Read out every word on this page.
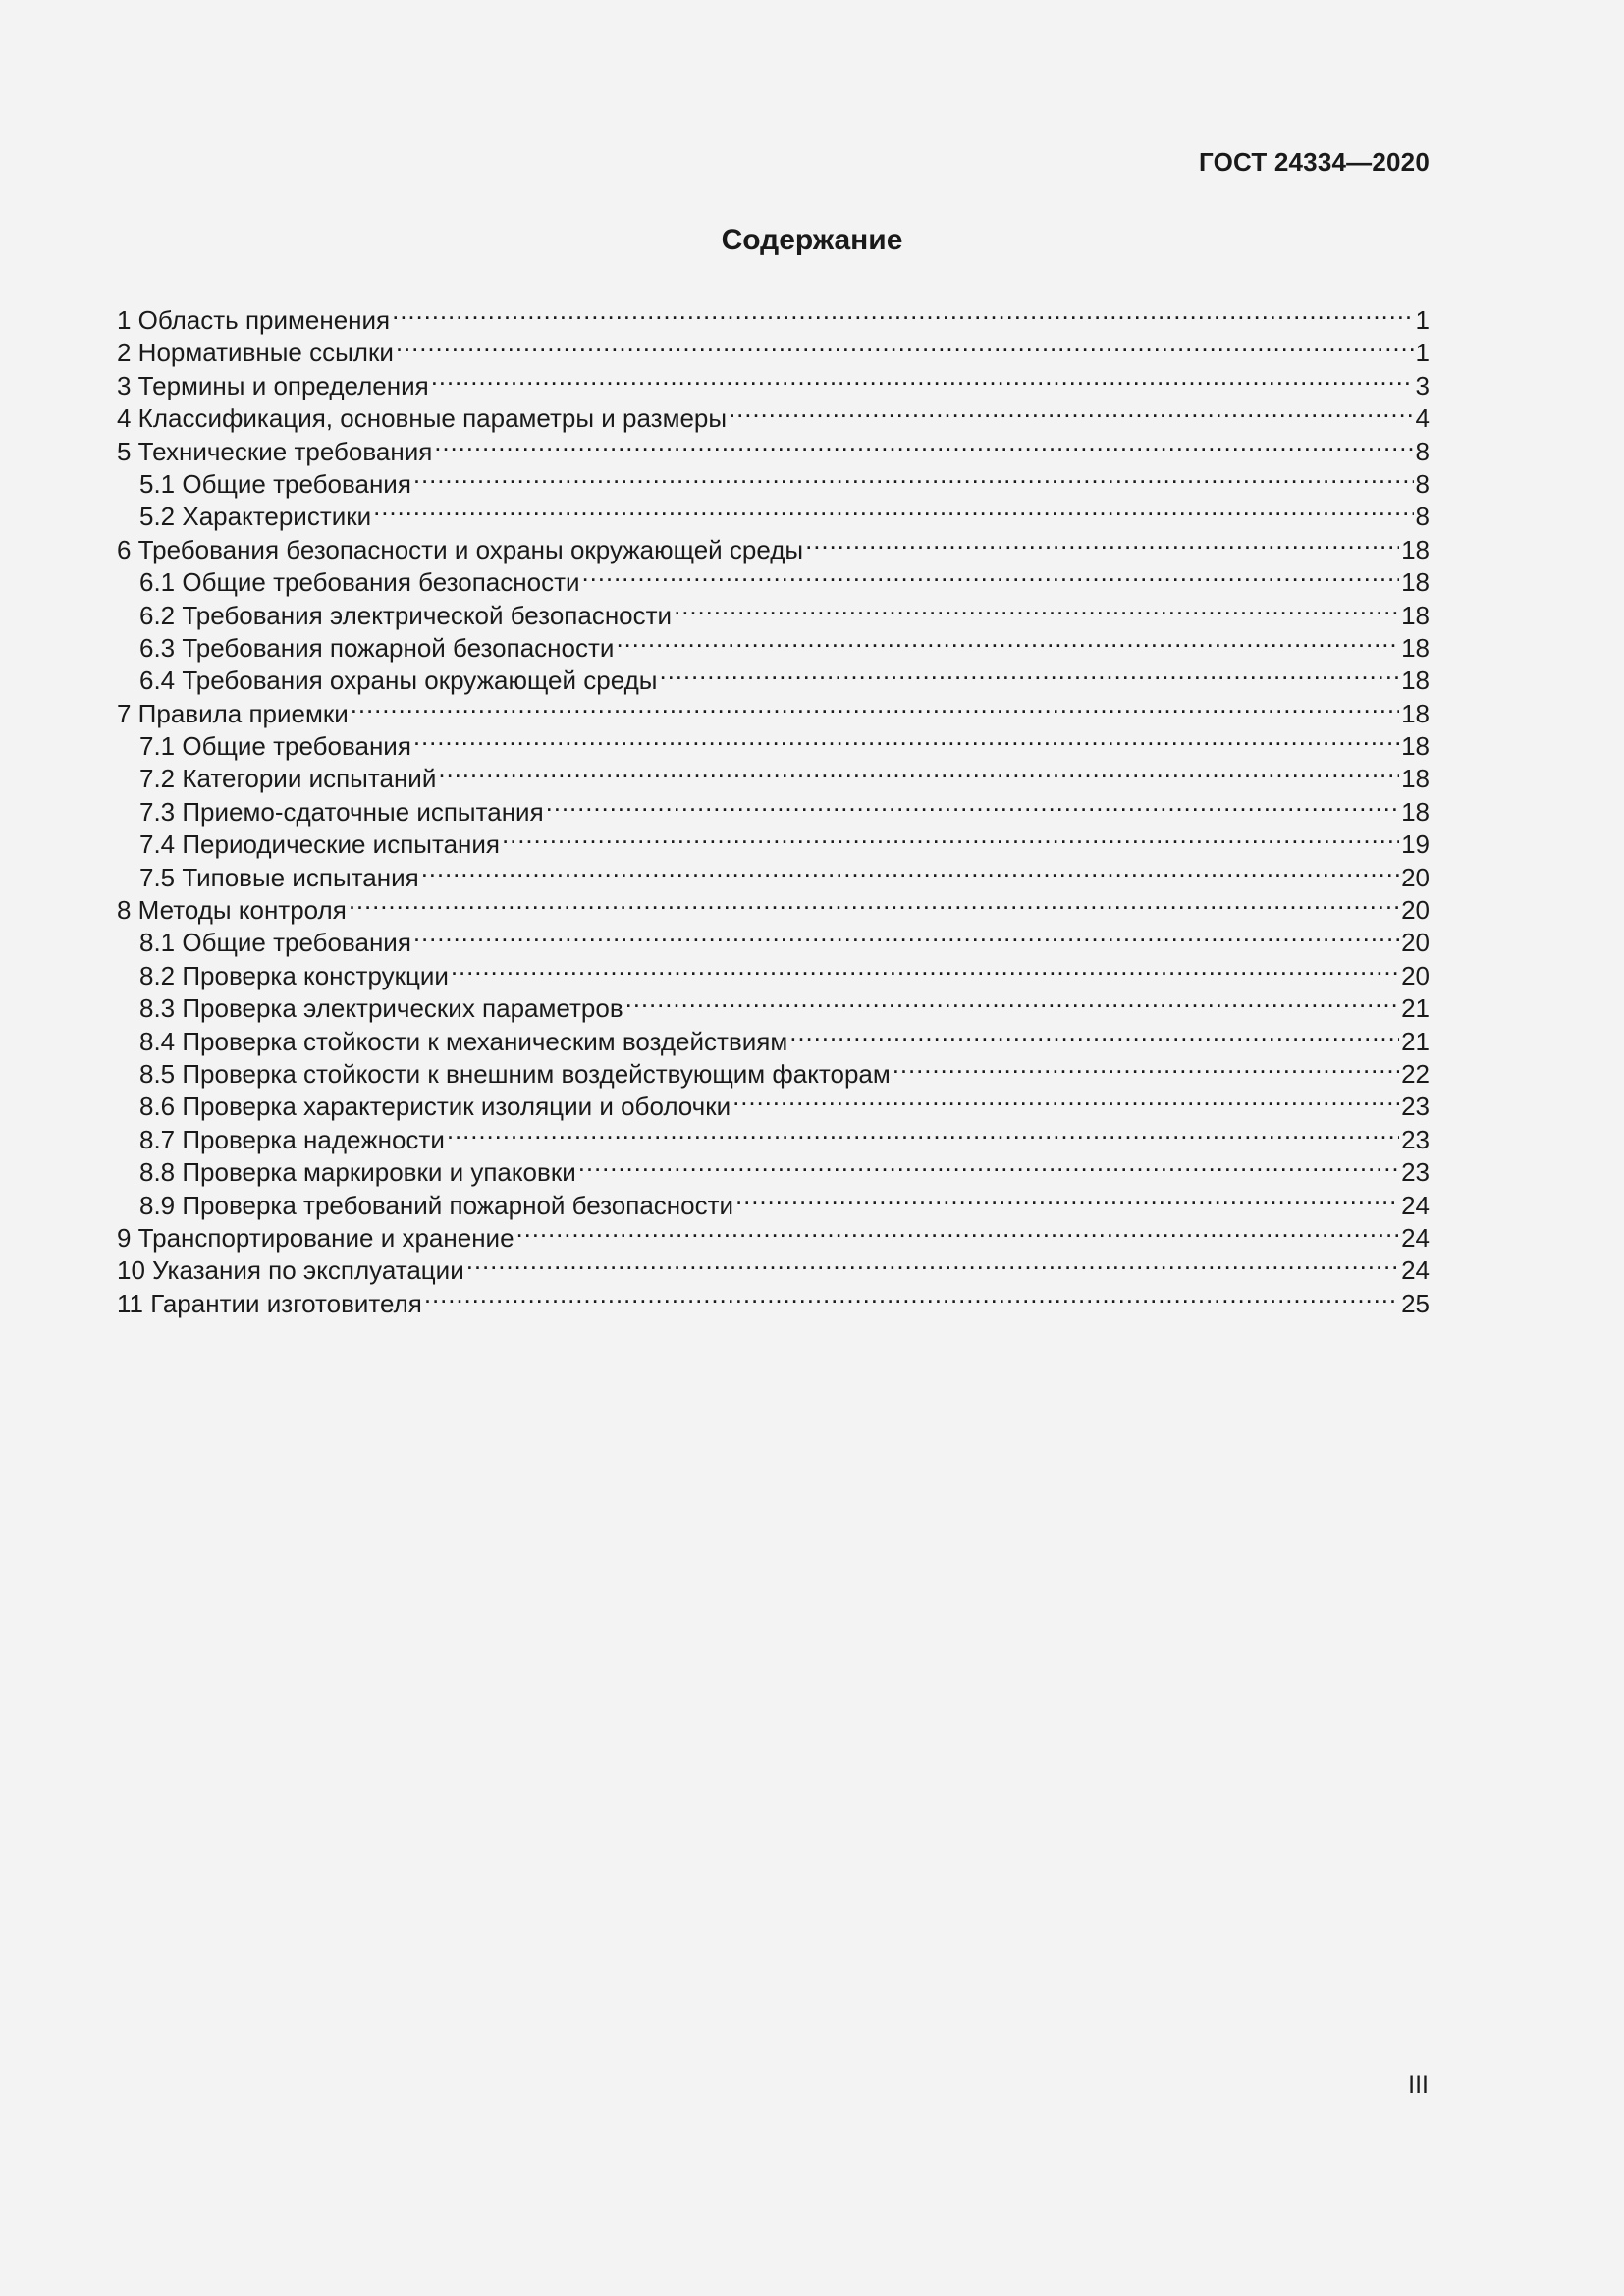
ГОСТ 24334—2020
Содержание
1 Область применения .....	1
2 Нормативные ссылки .....	1
3 Термины и определения .....	3
4 Классификация, основные параметры и размеры .....	4
5 Технические требования .....	8
5.1 Общие требования .....	8
5.2 Характеристики .....	8
6 Требования безопасности и охраны окружающей среды .....	18
6.1 Общие требования безопасности .....	18
6.2 Требования электрической безопасности .....	18
6.3 Требования пожарной безопасности .....	18
6.4 Требования охраны окружающей среды .....	18
7 Правила приемки .....	18
7.1 Общие требования .....	18
7.2 Категории испытаний .....	18
7.3 Приемо-сдаточные испытания .....	18
7.4 Периодические испытания .....	19
7.5 Типовые испытания .....	20
8 Методы контроля .....	20
8.1 Общие требования .....	20
8.2 Проверка конструкции .....	20
8.3 Проверка электрических параметров .....	21
8.4 Проверка стойкости к механическим воздействиям .....	21
8.5 Проверка стойкости к внешним воздействующим факторам .....	22
8.6 Проверка характеристик изоляции и оболочки .....	23
8.7 Проверка надежности .....	23
8.8 Проверка маркировки и упаковки .....	23
8.9 Проверка требований пожарной безопасности .....	24
9 Транспортирование и хранение .....	24
10 Указания по эксплуатации .....	24
11 Гарантии изготовителя .....	25
III
